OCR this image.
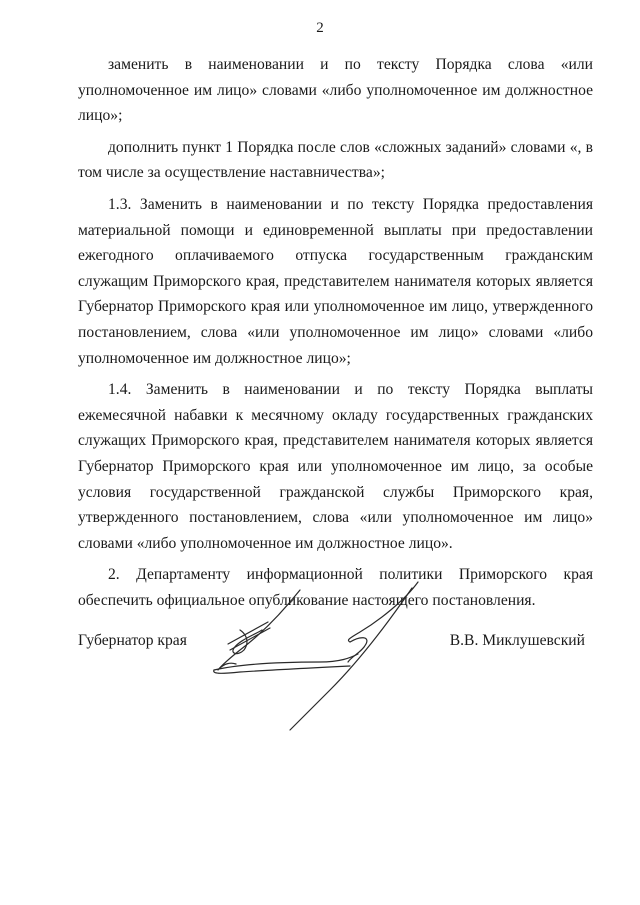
2

заменить в наименовании и по тексту Порядка слова «или уполномоченное им лицо» словами «либо уполномоченное им должностное лицо»;

дополнить пункт 1 Порядка после слов «сложных заданий» словами «, в том числе за осуществление наставничества»;

1.3. Заменить в наименовании и по тексту Порядка предоставления материальной помощи и единовременной выплаты при предоставлении ежегодного оплачиваемого отпуска государственным гражданским служащим Приморского края, представителем нанимателя которых является Губернатор Приморского края или уполномоченное им лицо, утвержденного постановлением, слова «или уполномоченное им лицо» словами «либо уполномоченное им должностное лицо»;

1.4. Заменить в наименовании и по тексту Порядка выплаты ежемесячной набавки к месячному окладу государственных гражданских служащих Приморского края, представителем нанимателя которых является Губернатор Приморского края или уполномоченное им лицо, за особые условия государственной гражданской службы Приморского края, утвержденного постановлением, слова «или уполномоченное им лицо» словами «либо уполномоченное им должностное лицо».

2. Департаменту информационной политики Приморского края обеспечить официальное опубликование настоящего постановления.

Губернатор края	В.В. Миклушевский
